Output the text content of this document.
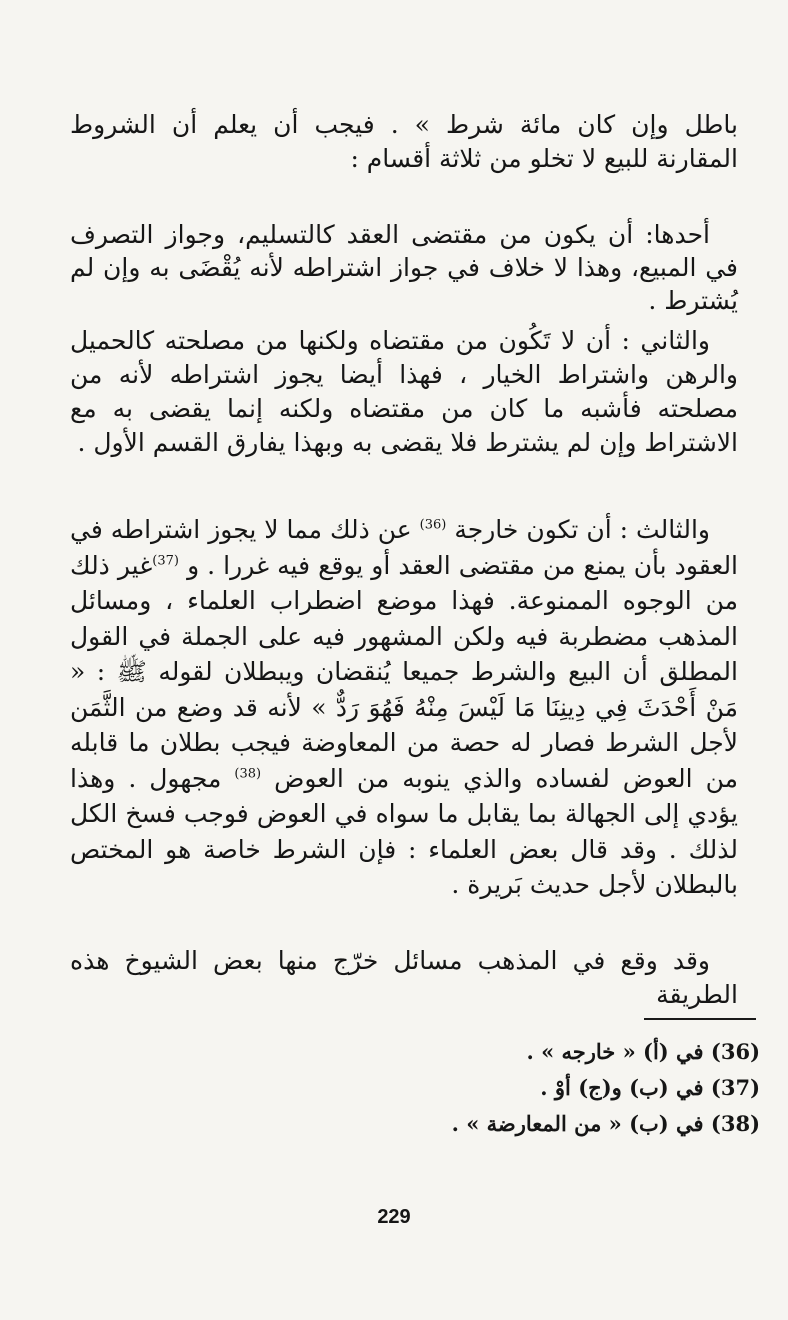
باطل وإن كان مائة شرط » . فيجب أن يعلم أن الشروط المقارنة للبيع لا تخلو من ثلاثة أقسام :

أحدها: أن يكون من مقتضى العقد كالتسليم، وجواز التصرف في المبيع، وهذا لا خلاف في جواز اشتراطه لأنه يُقْضَى به وإن لم يُشترط .

والثاني : أن لا تَكُون من مقتضاه ولكنها من مصلحته كالحميل والرهن واشتراط الخيار ، فهذا أيضا يجوز اشتراطه لأنه من مصلحته فأشبه ما كان من مقتضاه ولكنه إنما يقضى به مع الاشتراط وإن لم يشترط فلا يقضى به وبهذا يفارق القسم الأول .

والثالث : أن تكون خارجة $^{(36)}$ عن ذلك مما لا يجوز اشتراطه في العقود بأن يمنع من مقتضى العقد أو يوقع فيه غررا . و $^{(37)}$غير ذلك من الوجوه الممنوعة. فهذا موضع اضطراب العلماء ، ومسائل المذهب مضطربة فيه ولكن المشهور فيه على الجملة في القول المطلق أن البيع والشرط جميعا يُنقضان ويبطلان لقوله ﷺ : « مَنْ أَحْدَثَ فِي دِينِنَا مَا لَيْسَ مِنْهُ فَهُوَ رَدٌّ » لأنه قد وضع من الثَّمَن لأجل الشرط فصار له حصة من المعاوضة فيجب بطلان ما قابله من العوض لفساده والذي ينوبه من العوض $^{(38)}$ مجهول . وهذا يؤدي إلى الجهالة بما يقابل ما سواه في العوض فوجب فسخ الكل لذلك . وقد قال بعض العلماء : فإن الشرط خاصة هو المختص بالبطلان لأجل حديث بَريرة .

وقد وقع في المذهب مسائل خرّج منها بعض الشيوخ هذه الطريقة

(36) في (أ) « خارجه » .
(37) في (ب) و(ج) أوْ .
(38) في (ب) « من المعارضة » .
229
